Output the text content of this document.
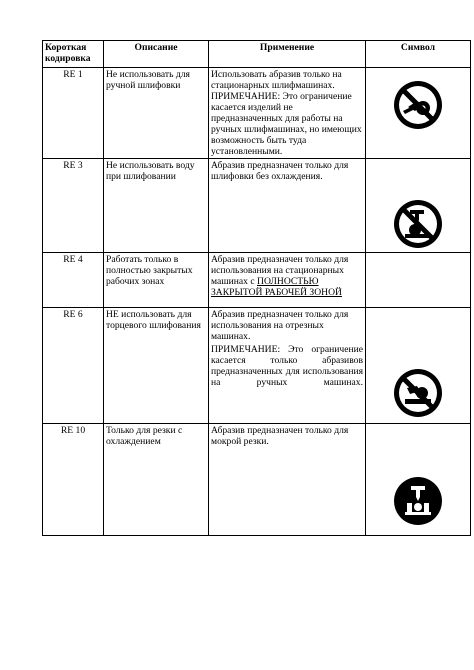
Короткая кодировка	Описание	Применение	Символ
RE 1	Не использовать для ручной шлифовки	Использовать абразив только на стационарных шлифмашинах.
ПРИМЕЧАНИЕ: Это ограничение касается изделий не предназначенных для работы на ручных шлифмашинах, но имеющих возможность быть туда установленными.

RE 3	Не использовать воду при шлифовании	Абразив предназначен только для шлифовки без охлаждения.

RE 4	Работать только в полностью закрытых рабочих зонах	Абразив предназначен только для использования на стационарных машинах с ПОЛНОСТЬЮ ЗАКРЫТОЙ РАБОЧЕЙ ЗОНОЙ	
RE 6	НЕ использовать для торцевого шлифования	Абразив предназначен только для использования на отрезных машинах.
ПРИМЕЧАНИЕ: Это ограничение касается только абразивов предназначенных для использования на ручных машинах.

RE 10	Только для резки с охлаждением	Абразив предназначен только для мокрой резки.
